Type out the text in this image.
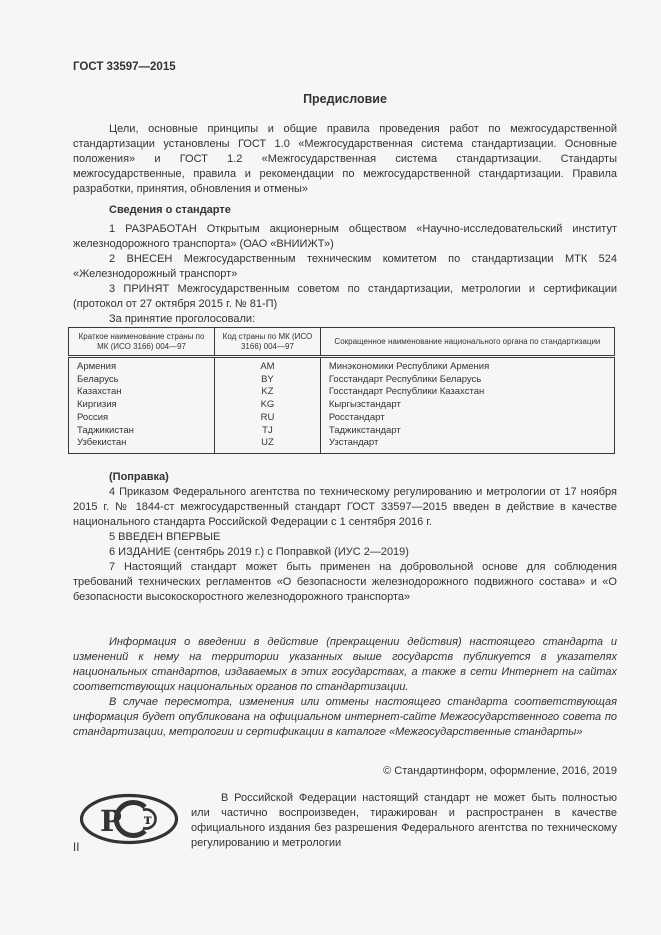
ГОСТ 33597—2015

Предисловие

Цели, основные принципы и общие правила проведения работ по межгосударственной стандартизации установлены ГОСТ 1.0 «Межгосударственная система стандартизации. Основные положения» и ГОСТ 1.2 «Межгосударственная система стандартизации. Стандарты межгосударственные, правила и рекомендации по межгосударственной стандартизации. Правила разработки, принятия, обновления и отмены»

Сведения о стандарте

1 РАЗРАБОТАН Открытым акционерным обществом «Научно-исследовательский институт железнодорожного транспорта» (ОАО «ВНИИЖТ»)

2 ВНЕСЕН Межгосударственным техническим комитетом по стандартизации МТК 524 «Железнодорожный транспорт»

3 ПРИНЯТ Межгосударственным советом по стандартизации, метрологии и сертификации (протокол от 27 октября 2015 г. № 81-П)

За принятие проголосовали:

Краткое наименование страны по МК (ИСО 3166) 004—97	Код страны по МК (ИСО 3166) 004—97	Сокращенное наименование национального органа по стандартизации
Армения	AM	Минэкономики Республики Армения
Беларусь	BY	Госстандарт Республики Беларусь
Казахстан	KZ	Госстандарт Республики Казахстан
Киргизия	KG	Кыргызстандарт
Россия	RU	Росстандарт
Таджикистан	TJ	Таджикстандарт
Узбекистан	UZ	Узстандарт

(Поправка)

4 Приказом Федерального агентства по техническому регулированию и метрологии от 17 ноября 2015 г. № 1844-ст межгосударственный стандарт ГОСТ 33597—2015 введен в действие в качестве национального стандарта Российской Федерации с 1 сентября 2016 г.

5 ВВЕДЕН ВПЕРВЫЕ

6 ИЗДАНИЕ (сентябрь 2019 г.) с Поправкой (ИУС 2—2019)

7 Настоящий стандарт может быть применен на добровольной основе для соблюдения требований технических регламентов «О безопасности железнодорожного подвижного состава» и «О безопасности высокоскоростного железнодорожного транспорта»

Информация о введении в действие (прекращении действия) настоящего стандарта и изменений к нему на территории указанных выше государств публикуется в указателях национальных стандартов, издаваемых в этих государствах, а также в сети Интернет на сайтах соответствующих национальных органов по стандартизации.

В случае пересмотра, изменения или отмены настоящего стандарта соответствующая информация будет опубликована на официальном интернет-сайте Межгосударственного совета по стандартизации, метрологии и сертификации в каталоге «Межгосударственные стандарты»

© Стандартинформ, оформление, 2016, 2019

Р т

В Российской Федерации настоящий стандарт не может быть полностью или частично воспроизведен, тиражирован и распространен в качестве официального издания без разрешения Федерального агентства по техническому регулированию и метрологии

II
